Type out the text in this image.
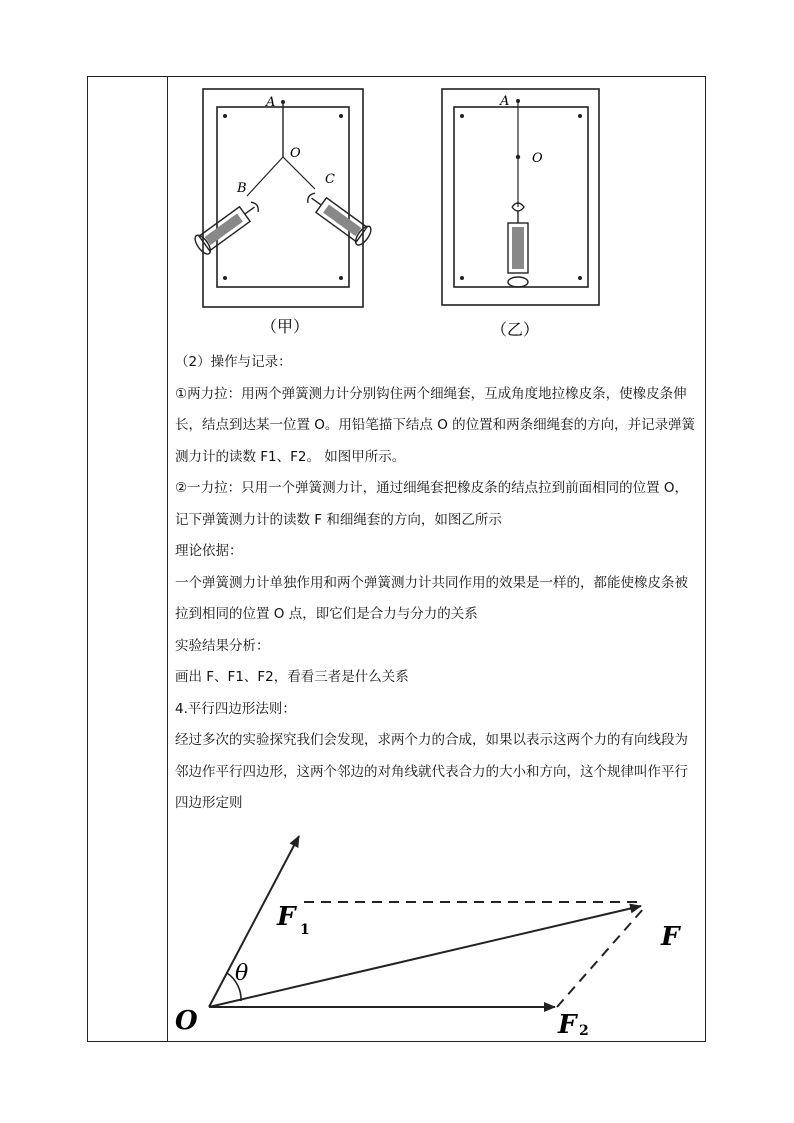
A
O
B
C
（甲）
A
O
（乙）
（2）操作与记录：
①两力拉：用两个弹簧测力计分别钩住两个细绳套，互成角度地拉橡皮条，使橡皮条伸
长，结点到达某一位置 O。用铅笔描下结点 O 的位置和两条细绳套的方向，并记录弹簧
测力计的读数 F1、F2。 如图甲所示。
②一力拉：只用一个弹簧测力计，通过细绳套把橡皮条的结点拉到前面相同的位置 O，
记下弹簧测力计的读数 F 和细绳套的方向，如图乙所示
理论依据：
一个弹簧测力计单独作用和两个弹簧测力计共同作用的效果是一样的，都能使橡皮条被
拉到相同的位置 O 点，即它们是合力与分力的关系
实验结果分析：
画出 F、F1、F2，看看三者是什么关系
4.平行四边形法则：
经过多次的实验探究我们会发现，求两个力的合成，如果以表示这两个力的有向线段为
邻边作平行四边形，这两个邻边的对角线就代表合力的大小和方向，这个规律叫作平行
四边形定则
θ
O
F 1	F
F 2
